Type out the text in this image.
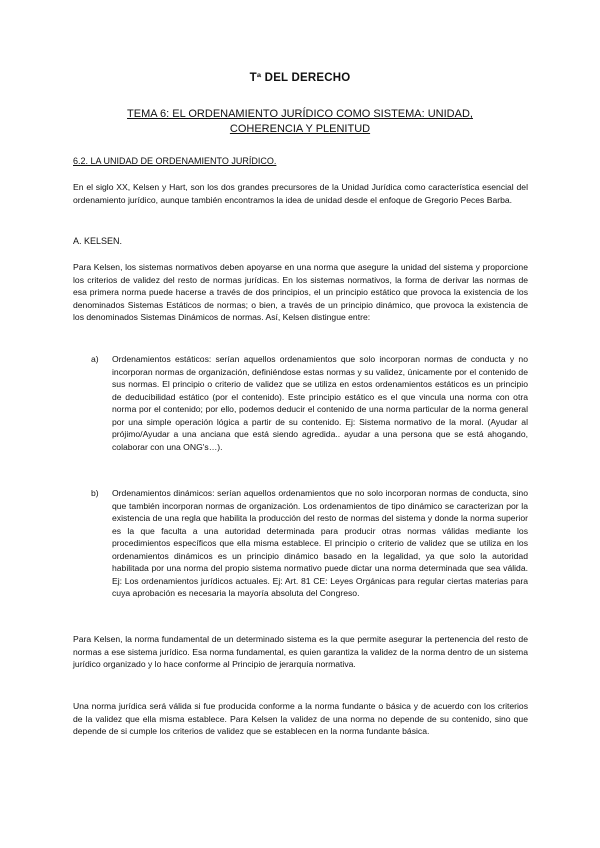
Tª DEL DERECHO
TEMA 6: EL ORDENAMIENTO JURÍDICO COMO SISTEMA: UNIDAD, COHERENCIA Y PLENITUD
6.2. LA UNIDAD DE ORDENAMIENTO JURÍDICO.

En el siglo XX, Kelsen y Hart, son los dos grandes precursores de la Unidad Jurídica como característica esencial del ordenamiento jurídico, aunque también encontramos la idea de unidad desde el enfoque de Gregorio Peces Barba.

A. KELSEN.

Para Kelsen, los sistemas normativos deben apoyarse en una norma que asegure la unidad del sistema y proporcione los criterios de validez del resto de normas jurídicas. En los sistemas normativos, la forma de derivar las normas de esa primera norma puede hacerse a través de dos principios, el un principio estático que provoca la existencia de los denominados Sistemas Estáticos de normas; o bien, a través de un principio dinámico, que provoca la existencia de los denominados Sistemas Dinámicos de normas. Así, Kelsen distingue entre:

a) Ordenamientos estáticos: serían aquellos ordenamientos que solo incorporan normas de conducta y no incorporan normas de organización, definiéndose estas normas y su validez, únicamente por el contenido de sus normas. El principio o criterio de validez que se utiliza en estos ordenamientos estáticos es un principio de deducibilidad estático (por el contenido). Este principio estático es el que vincula una norma con otra norma por el contenido; por ello, podemos deducir el contenido de una norma particular de la norma general por una simple operación lógica a partir de su contenido. Ej: Sistema normativo de la moral. (Ayudar al prójimo/Ayudar a una anciana que está siendo agredida.. ayudar a una persona que se está ahogando, colaborar con una ONG's…).

b) Ordenamientos dinámicos: serían aquellos ordenamientos que no solo incorporan normas de conducta, sino que también incorporan normas de organización. Los ordenamientos de tipo dinámico se caracterizan por la existencia de una regla que habilita la producción del resto de normas del sistema y donde la norma superior es la que faculta a una autoridad determinada para producir otras normas válidas mediante los procedimientos específicos que ella misma establece. El principio o criterio de validez que se utiliza en los ordenamientos dinámicos es un principio dinámico basado en la legalidad, ya que solo la autoridad habilitada por una norma del propio sistema normativo puede dictar una norma determinada que sea válida. Ej: Los ordenamientos jurídicos actuales. Ej: Art. 81 CE: Leyes Orgánicas para regular ciertas materias para cuya aprobación es necesaria la mayoría absoluta del Congreso.

Para Kelsen, la norma fundamental de un determinado sistema es la que permite asegurar la pertenencia del resto de normas a ese sistema jurídico. Esa norma fundamental, es quien garantiza la validez de la norma dentro de un sistema jurídico organizado y lo hace conforme al Principio de jerarquía normativa.

Una norma jurídica será válida si fue producida conforme a la norma fundante o básica y de acuerdo con los criterios de la validez que ella misma establece. Para Kelsen la validez de una norma no depende de su contenido, sino que depende de si cumple los criterios de validez que se establecen en la norma fundante básica.
